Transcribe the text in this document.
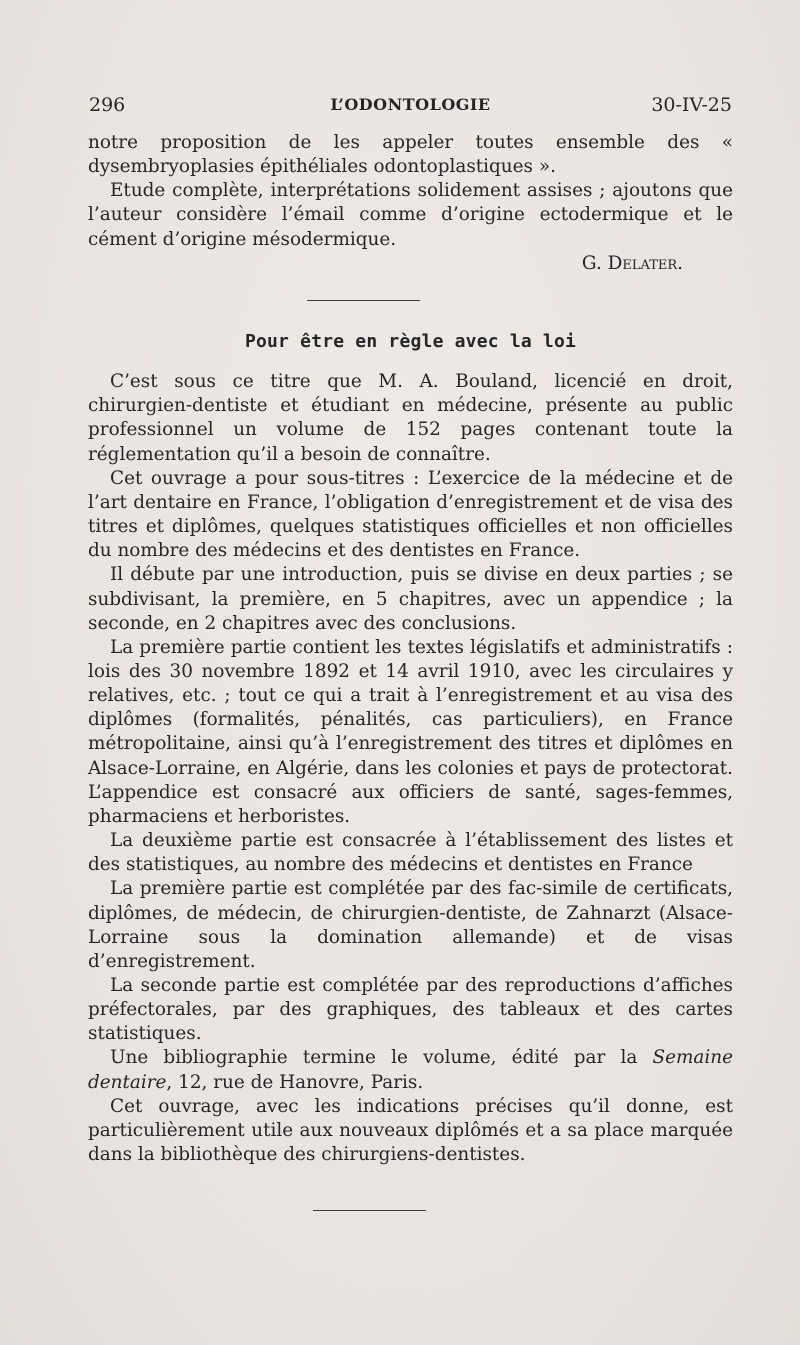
296	L’ODONTOLOGIE	30-IV-25

notre proposition de les appeler toutes ensemble des « dysembryoplasies épithéliales odontoplastiques ».

Etude complète, interprétations solidement assises ; ajoutons que l’auteur considère l’émail comme d’origine ectodermique et le cément d’origine mésodermique.

G. Delater.

Pour être en règle avec la loi

C’est sous ce titre que M. A. Bouland, licencié en droit, chirurgien-dentiste et étudiant en médecine, présente au public professionnel un volume de 152 pages contenant toute la réglementation qu’il a besoin de connaître.

Cet ouvrage a pour sous-titres : L’exercice de la médecine et de l’art dentaire en France, l’obligation d’enregistrement et de visa des titres et diplômes, quelques statistiques officielles et non officielles du nombre des médecins et des dentistes en France.

Il débute par une introduction, puis se divise en deux parties ; se subdivisant, la première, en 5 chapitres, avec un appendice ; la seconde, en 2 chapitres avec des conclusions.

La première partie contient les textes législatifs et administratifs : lois des 30 novembre 1892 et 14 avril 1910, avec les circulaires y relatives, etc. ; tout ce qui a trait à l’enregistrement et au visa des diplômes (formalités, pénalités, cas particuliers), en France métropolitaine, ainsi qu’à l’enregistrement des titres et diplômes en Alsace-Lorraine, en Algérie, dans les colonies et pays de protectorat. L’appendice est consacré aux officiers de santé, sages-femmes, pharmaciens et herboristes.

La deuxième partie est consacrée à l’établissement des listes et des statistiques, au nombre des médecins et dentistes en France

La première partie est complétée par des fac-simile de certificats, diplômes, de médecin, de chirurgien-dentiste, de Zahnarzt (Alsace-Lorraine sous la domination allemande) et de visas d’enregistrement.

La seconde partie est complétée par des reproductions d’affiches préfectorales, par des graphiques, des tableaux et des cartes statistiques.

Une bibliographie termine le volume, édité par la Semaine dentaire, 12, rue de Hanovre, Paris.

Cet ouvrage, avec les indications précises qu’il donne, est particulièrement utile aux nouveaux diplômés et a sa place marquée dans la bibliothèque des chirurgiens-dentistes.
